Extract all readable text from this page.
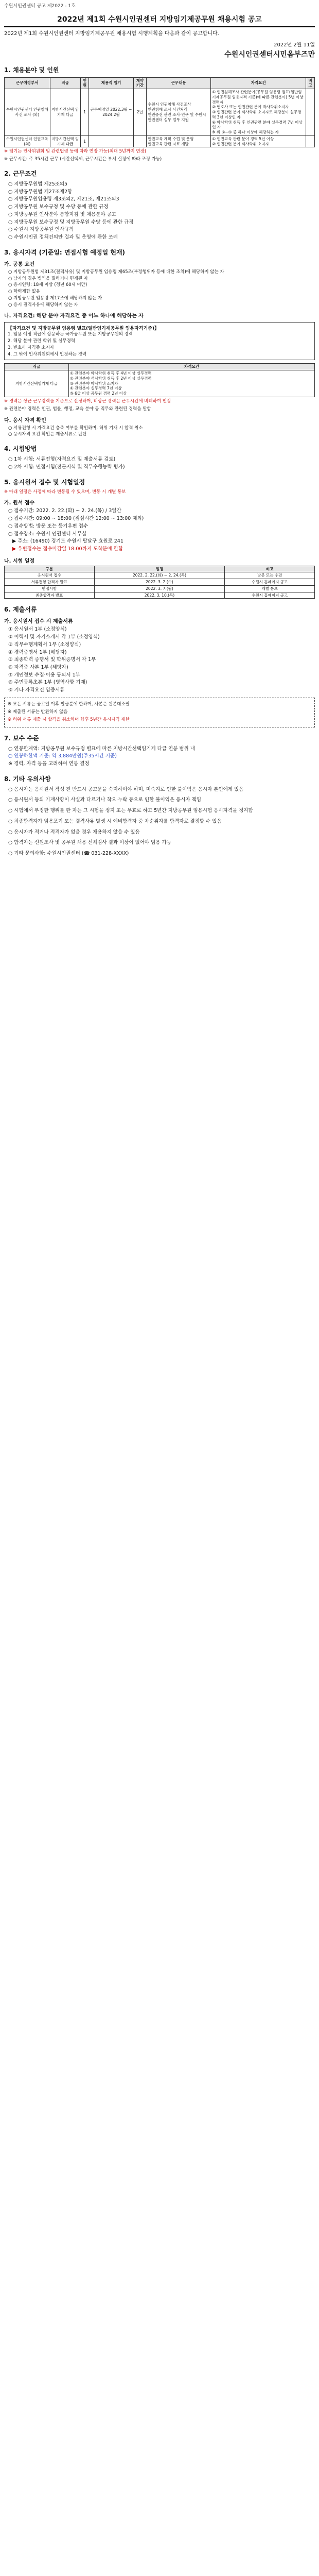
수원시인권센터 공고 제2022 - 1호
2022년 제1회 수원시인권센터 지방임기제공무원 채용시험 공고
2022년 제1회 수원시인권센터 지방임기제공무원 채용시험 시행계획을 다음과 같이 공고합니다.
2022년 2월 11일
수원시인권센터시민옴부즈만
1. 채용분야 및 인원
근무예정부서	직급	인원	채용직 임기	계약기간	근무내용	자격요건	비고
수원시인권센터 인권침해사건 조사 (외)	지방시간선택 임기제 다급	1	근무예정일 2022.3월 ~ 2024.2월	2년	수원시 인권침해 사건조사
인권침해 조사 사건처리
인권증진 관련 조사·연구 및 수원시인권센터 실무 업무 지원	① 인권침해조사 관련분야(공무원 임용령 별표(일반임기제공무원 임용자격 기준)에 따른 관련분야) 5년 이상 경력자
② 변호사 또는 인권관련 분야 박사학위소지자
③ 인권관련 분야 석사학위 소지자로 해당분야 실무경력 3년 이상인 자
④ 학사학위 취득 후 인권관련 분야 실무경력 7년 이상인 자
※ 위 ①~④ 중 하나 이상에 해당하는 자	
수원시인권센터 인권교육 (외)	지방시간선택 임기제 다급	1			인권교육 계획 수립 및 운영
인권교육 관련 자료 개발	① 인권교육 관련 분야 경력 5년 이상
② 인권관련 분야 석사학위 소지자	
※ 임기는 인사위원회 및 관련법령 등에 따라 연장 가능(최대 5년까지 연장)
※ 근무시간: 주 35시간 근무 (시간선택제, 근무시간은 부서 실정에 따라 조정 가능)
2. 근무조건
○ 지방공무원법 제25조의5
○ 지방공무원법 제27조제2항
○ 지방공무원임용령 제3조의2, 제21조, 제21조의3
○ 지방공무원 보수규정 및 수당 등에 관한 규정
○ 지방공무원 인사분야 통합지침 및 채용분야 공고
○ 지방공무원 보수규정 및 지방공무원 수당 등에 관한 규정
○ 수원시 지방공무원 인사규칙
○ 수원시인권 정책건의안 결과 및 운영에 관한 조례
3. 응시자격 (기준일: 면접시험 예정일 현재)
가. 공통 요건
○ 지방공무원법 제31조(결격사유) 및 지방공무원 임용령 제65조(부정행위자 등에 대한 조치)에 해당하지 않는 자
○ 남자의 경우 병역을 필하거나 면제된 자
○ 응시연령: 18세 이상 (정년 60세 미만)
○ 학력제한 없음
○ 지방공무원 임용령 제17조에 해당하지 않는 자
○ 응시 결격사유에 해당하지 않는 자
나. 자격요건: 해당 분야 자격요건 중 어느 하나에 해당하는 자
【자격요건 및 지방공무원 임용령 별표(일반임기제공무원 임용자격기준)】
1. 임용 예정 직급에 상응하는 국가공무원 또는 지방공무원의 경력
2. 해당 분야 관련 학위 및 실무경력
3. 변호사 자격증 소지자
4. 그 밖에 인사위원회에서 인정하는 경력
직급	자격요건
지방시간선택임기제 다급	① 관련분야 학사학위 취득 후 4년 이상 실무경력
② 관련분야 석사학위 취득 후 2년 이상 실무경력
③ 관련분야 박사학위 소지자
④ 관련분야 실무경력 7년 이상
⑤ 6급 이상 공무원 경력 2년 이상
※ 경력은 상근 근무경력을 기준으로 산정하며, 비상근 경력은 근무시간에 비례하여 인정
※ 관련분야 경력은 인권, 법률, 행정, 교육 분야 등 직무와 관련된 경력을 말함
다. 응시 자격 확인
○ 서류전형 시 자격요건 충족 여부를 확인하며, 허위 기재 시 합격 취소
○ 응시자격 요건 확인은 제출서류로 판단
4. 시험방법
○ 1차 시험: 서류전형(자격요건 및 제출서류 검토)
○ 2차 시험: 면접시험(전문지식 및 직무수행능력 평가)
5. 응시원서 접수 및 시험일정
※ 아래 일정은 사정에 따라 변동될 수 있으며, 변동 시 개별 통보
가. 원서 접수
○ 접수기간: 2022. 2. 22.(화) ~ 2. 24.(목) / 3일간
○ 접수시간: 09:00 ~ 18:00 (점심시간 12:00 ~ 13:00 제외)
○ 접수방법: 방문 또는 등기우편 접수
○ 접수장소: 수원시 인권센터 사무실
▶ 주소: (16490) 경기도 수원시 팔달구 효원로 241
▶ 우편접수는 접수마감일 18:00까지 도착분에 한함
나. 시험 일정
구분	일정	비고
응시원서 접수	2022. 2. 22.(화) ~ 2. 24.(목)	방문 또는 우편
서류전형 합격자 발표	2022. 3. 2.(수)	수원시 홈페이지 공고
면접시험	2022. 3. 7.(월)	개별 통보
최종합격자 발표	2022. 3. 10.(목)	수원시 홈페이지 공고
6. 제출서류
가. 응시원서 접수 시 제출서류
① 응시원서 1부 (소정양식)
② 이력서 및 자기소개서 각 1부 (소정양식)
③ 직무수행계획서 1부 (소정양식)
④ 경력증명서 1부 (해당자)
⑤ 최종학력 증명서 및 학위증명서 각 1부
⑥ 자격증 사본 1부 (해당자)
⑦ 개인정보 수집·이용 동의서 1부
⑧ 주민등록초본 1부 (병역사항 기재)
⑨ 기타 자격요건 입증서류
※ 모든 서류는 공고일 이후 발급분에 한하며, 사본은 원본대조필
※ 제출된 서류는 반환하지 않음
※ 허위 서류 제출 시 합격을 취소하며 향후 5년간 응시자격 제한
7. 보수 수준
○ 연봉한계액: 지방공무원 보수규정 별표에 따른 지방시간선택임기제 다급 연봉 범위 내
○ 연봉하한액 기준: 약 3,884만원(주35시간 기준)
※ 경력, 자격 등을 고려하여 연봉 결정
8. 기타 유의사항
○ 응시자는 응시원서 작성 전 반드시 공고문을 숙지하여야 하며, 미숙지로 인한 불이익은 응시자 본인에게 있음
○ 응시원서 등의 기재사항이 사실과 다르거나 착오·누락 등으로 인한 불이익은 응시자 책임
○ 시험에서 부정한 행위를 한 자는 그 시험을 정지 또는 무효로 하고 5년간 지방공무원 임용시험 응시자격을 정지함
○ 최종합격자가 임용포기 또는 결격사유 발생 시 예비합격자 중 차순위자를 합격자로 결정할 수 있음
○ 응시자가 적거나 적격자가 없을 경우 채용하지 않을 수 있음
○ 합격자는 신원조사 및 공무원 채용 신체검사 결과 이상이 없어야 임용 가능
○ 기타 문의사항: 수원시인권센터 (☎ 031-228-XXXX)
